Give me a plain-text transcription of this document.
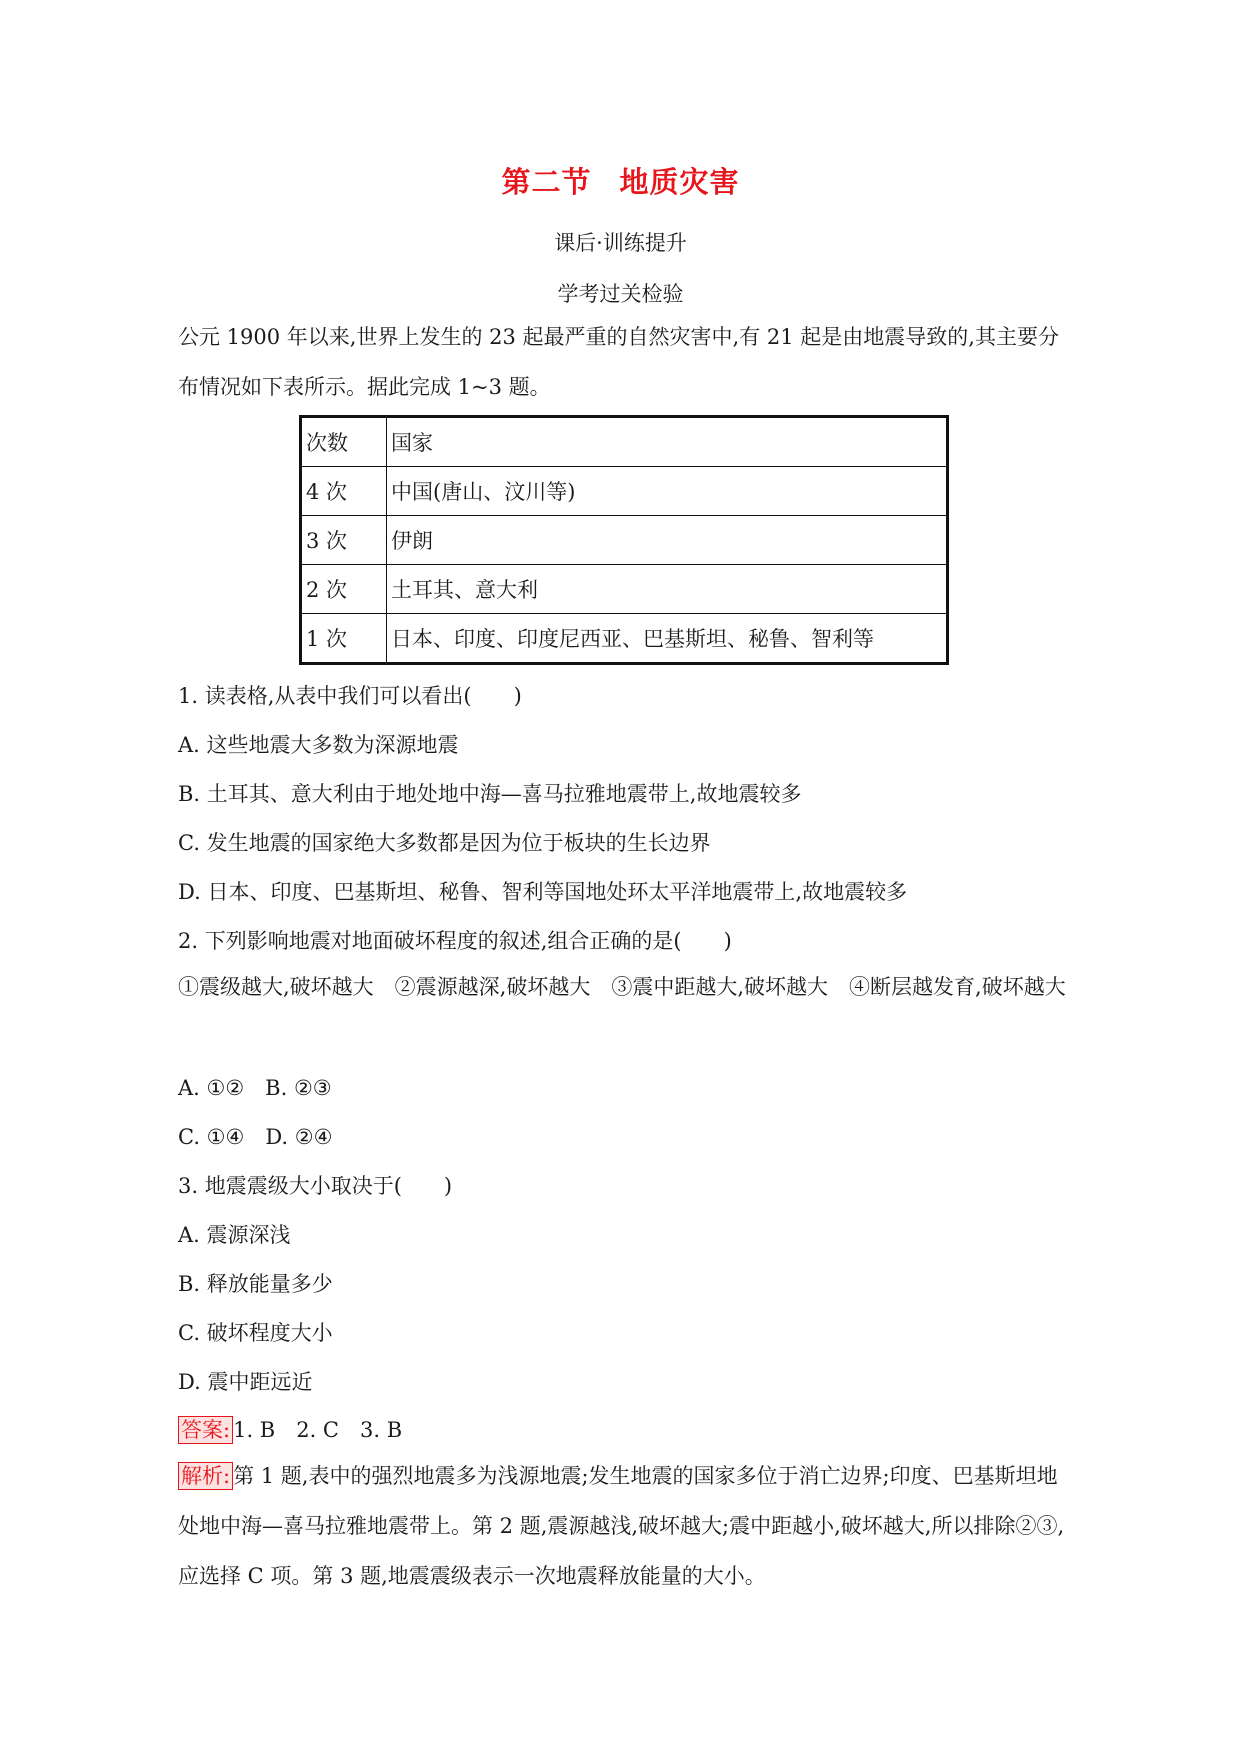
第二节 地质灾害
课后·训练提升
学考过关检验
公元 1900 年以来,世界上发生的 23 起最严重的自然灾害中,有 21 起是由地震导致的,其主要分布情况如下表所示。据此完成 1~3 题。
次数	国家
4 次	中国(唐山、汶川等)
3 次	伊朗
2 次	土耳其、意大利
1 次	日本、印度、印度尼西亚、巴基斯坦、秘鲁、智利等
1. 读表格,从表中我们可以看出(　　)
A. 这些地震大多数为深源地震
B. 土耳其、意大利由于地处地中海—喜马拉雅地震带上,故地震较多
C. 发生地震的国家绝大多数都是因为位于板块的生长边界
D. 日本、印度、巴基斯坦、秘鲁、智利等国地处环太平洋地震带上,故地震较多
2. 下列影响地震对地面破坏程度的叙述,组合正确的是(　　)
①震级越大,破坏越大　②震源越深,破坏越大　③震中距越大,破坏越大　④断层越发育,破坏越大
A. ①②　B. ②③
C. ①④　D. ②④
3. 地震震级大小取决于(　　)
A. 震源深浅
B. 释放能量多少
C. 破坏程度大小
D. 震中距远近
答案: 1. B　2. C　3. B
解析: 第 1 题,表中的强烈地震多为浅源地震;发生地震的国家多位于消亡边界;印度、巴基斯坦地处地中海—喜马拉雅地震带上。第 2 题,震源越浅,破坏越大;震中距越小,破坏越大,所以排除②③,应选择 C 项。第 3 题,地震震级表示一次地震释放能量的大小。
